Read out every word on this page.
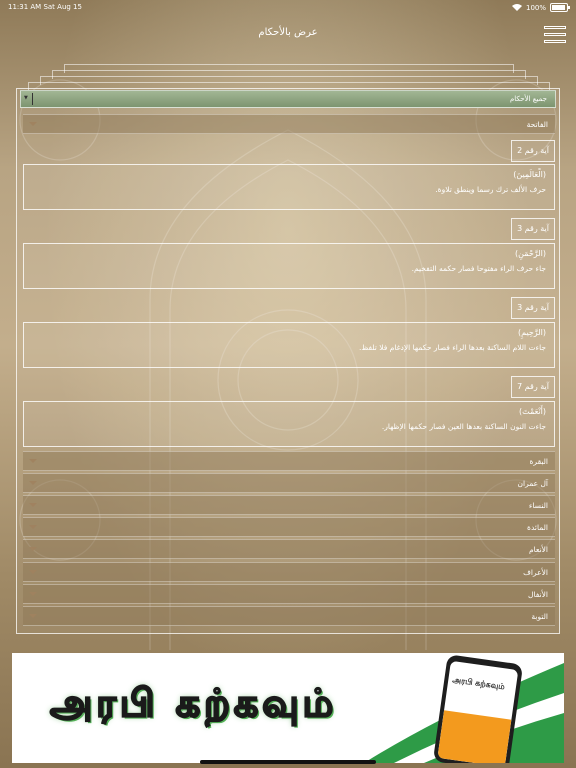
11:31 AM Sat Aug 15	100%
عرض بالأحكام
▼	جميع الأحكام
الفاتحة
آية رقم 2
(الْعَالَمِينَ)
حرف الألف ترك رسما وينطق تلاوة.
آية رقم 3
(الرَّحْمَنِ)
جاء حرف الراء مفتوحا فصار حكمه التفخيم.
آية رقم 3
(الرَّحِيمِ)
جاءت اللام الساكنة بعدها الراء فصار حكمها الإدغام فلا تلفظ.
آية رقم 7
(أَنْعَمْتَ)
جاءت النون الساكنة بعدها العين فصار حكمها الإظهار.
البقرة
آل عمران
النساء
المائدة
الأنعام
الأعراف
الأنفال
التوبة
அரபி கற்கவும்	அரபி கற்கவும்
